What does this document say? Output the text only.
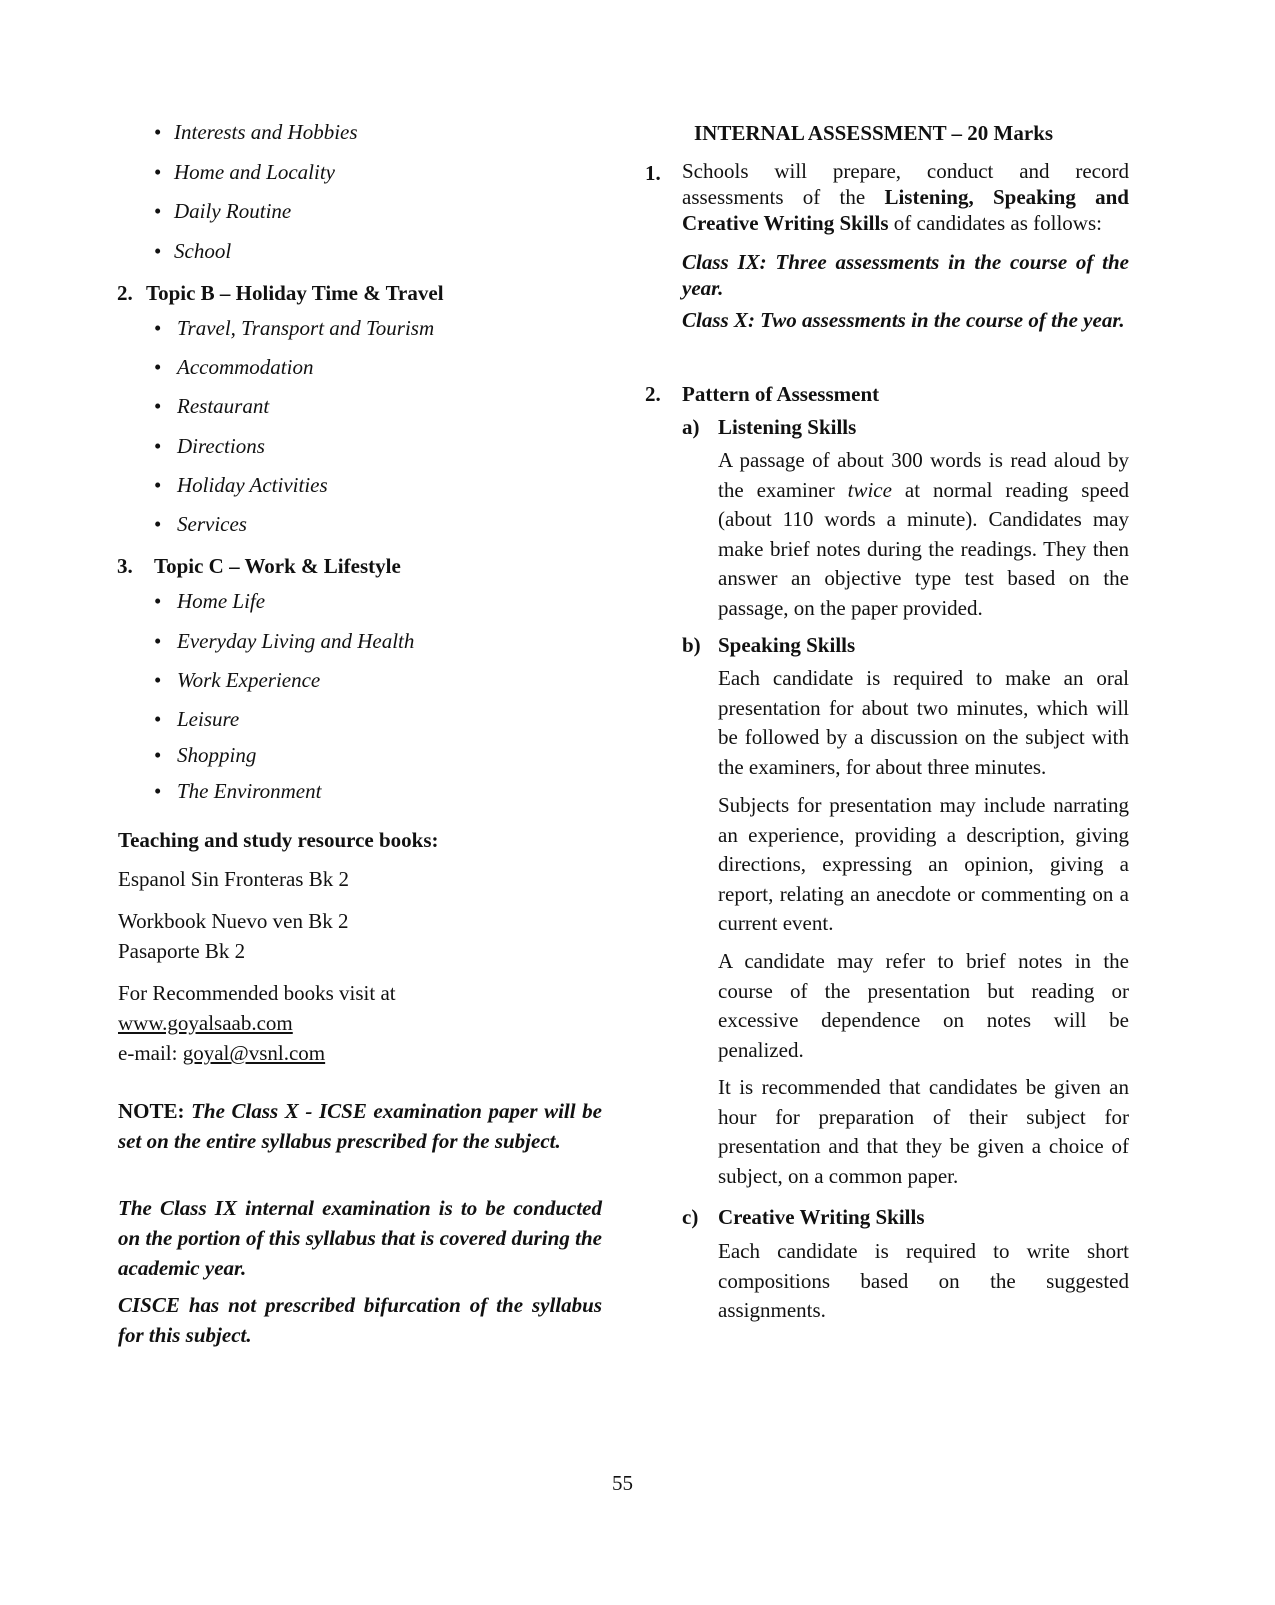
•Interests and Hobbies
•Home and Locality
•Daily Routine
•School
2. Topic B – Holiday Time & Travel
•Travel, Transport and Tourism
•Accommodation
•Restaurant
•Directions
•Holiday Activities
•Services
3. Topic C – Work & Lifestyle
•Home Life
•Everyday Living and Health
•Work Experience
•Leisure
•Shopping
•The Environment
Teaching and study resource books:
Espanol Sin Fronteras Bk 2
Workbook Nuevo ven Bk 2
Pasaporte Bk 2
For Recommended books visit at
www.goyalsaab.com
e-mail: goyal@vsnl.com
NOTE: The Class X - ICSE examination paper will be set on the entire syllabus prescribed for the subject.
The Class IX internal examination is to be conducted on the portion of this syllabus that is covered during the academic year.
CISCE has not prescribed bifurcation of the syllabus for this subject.
INTERNAL ASSESSMENT – 20 Marks
1. Schools will prepare, conduct and record assessments of the Listening, Speaking and Creative Writing Skills of candidates as follows:
Class IX: Three assessments in the course of the year.
Class X: Two assessments in the course of the year.
2. Pattern of Assessment
a) Listening Skills
A passage of about 300 words is read aloud by the examiner twice at normal reading speed (about 110 words a minute). Candidates may make brief notes during the readings. They then answer an objective type test based on the passage, on the paper provided.
b) Speaking Skills
Each candidate is required to make an oral presentation for about two minutes, which will be followed by a discussion on the subject with the examiners, for about three minutes.
Subjects for presentation may include narrating an experience, providing a description, giving directions, expressing an opinion, giving a report, relating an anecdote or commenting on a current event.
A candidate may refer to brief notes in the course of the presentation but reading or excessive dependence on notes will be penalized.
It is recommended that candidates be given an hour for preparation of their subject for presentation and that they be given a choice of subject, on a common paper.
c) Creative Writing Skills
Each candidate is required to write short compositions based on the suggested assignments.
55
